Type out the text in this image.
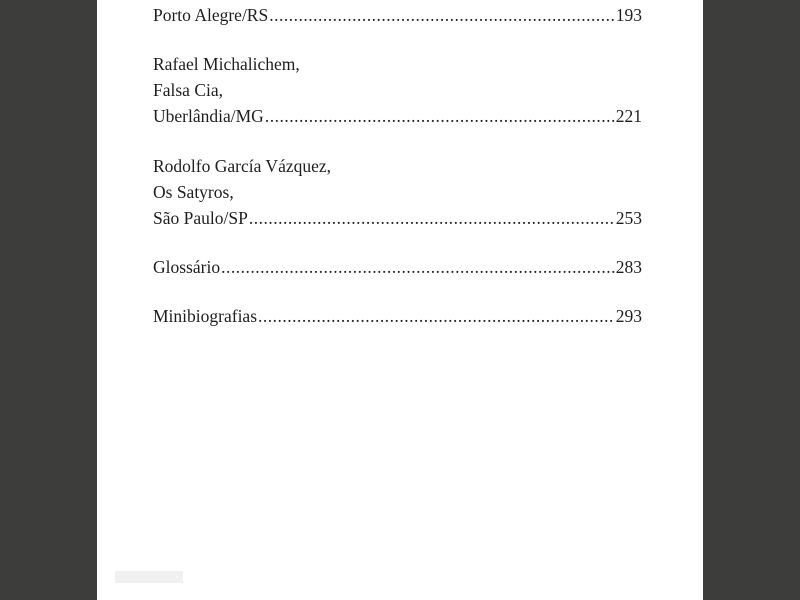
Porto Alegre/RS .....	193
Rafael Michalichem,
Falsa Cia,
Uberlândia/MG .....	221
Rodolfo García Vázquez,
Os Satyros,
São Paulo/SP .....	253
Glossário .....	283
Minibiografias .....	293
